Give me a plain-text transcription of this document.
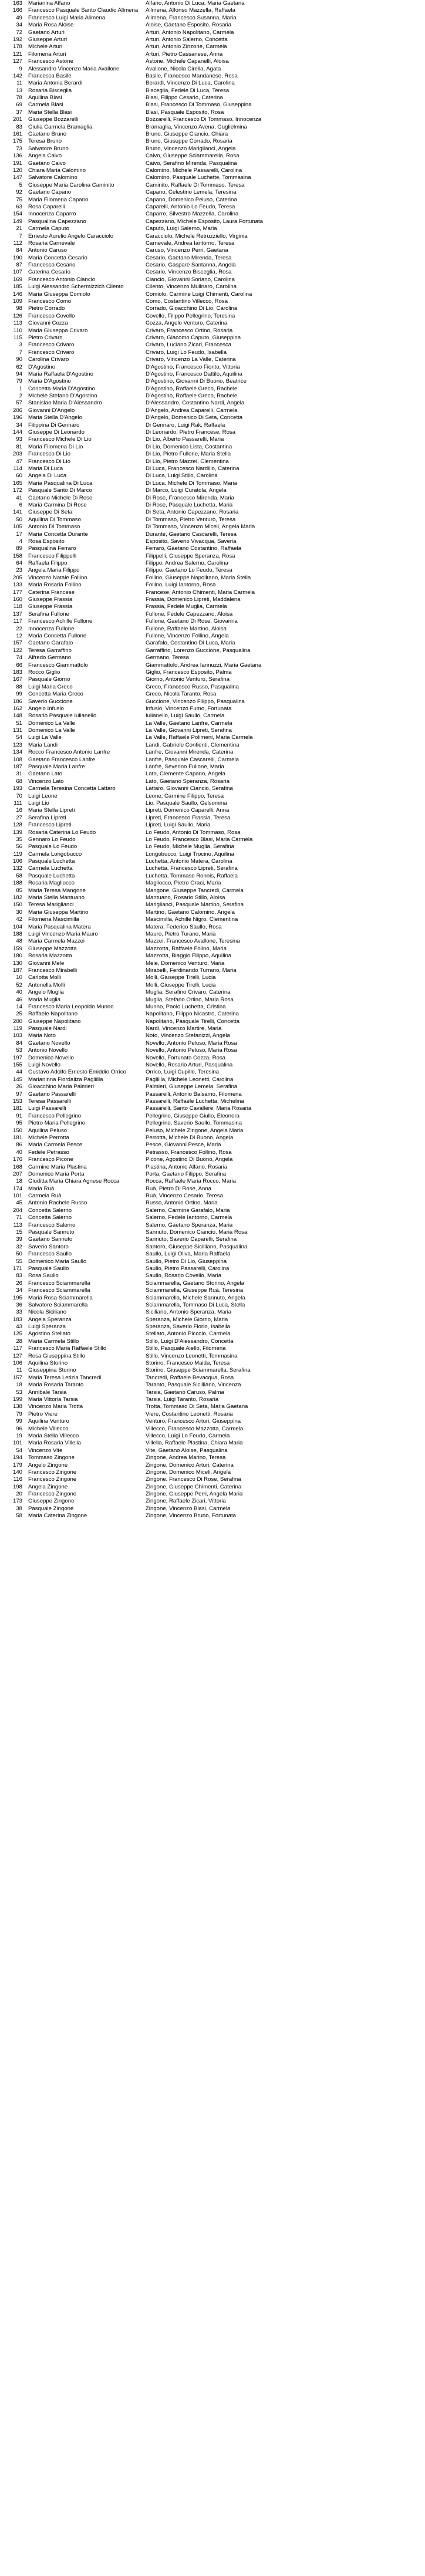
163 Marianina Alfano	Alfano, Antonio Di Luca, Maria Gaetana
166 Francesco Pasquale Santo Claudio Allmena	Allmena, Alfonso Mazzella, Raffaela
49 Francesco Luigi Maria Alimena	Alimena, Francesco Susanna, Maria
34 Maria Rosa Aloise	Aloise, Gaetano Esposito, Rosaria
72 Gaetano Arturi	Arturi, Antonio Napolitano, Carmela
192 Giuseppe Arturi	Arturi, Antonio Salerno, Concetta
178 Michele Arturi	Arturi, Antonio Zinzone, Carmela
121 Filomena Arturi	Arturi, Pietro Cassanese, Anna
127 Francesco Astone	Astone, Michele Capanelli, Aloisa
9 Alessandro Vincenzo Maria Avallone	Avallone, Nicola Cirella, Agata
142 Francesca Basile	Basile, Francesco Mandanese, Rosa
11 Maria Antonia Berardi	Berardi, Vincenzo Di Luca, Carolina
13 Rosaria Bisceglia	Bisceglia, Fedele Di Luca, Teresa
78 Aquilina Blasi	Blasi, Filippo Cesario, Caterina
69 Carmela Blasi	Blasi, Francesco Di Tommaso, Giuseppina
37 Maria Stella Blasi	Blasi, Pasquale Esposito, Rosa
201 Giuseppe Bozzarelli	Bozzarelli, Francesco Di Tommaso, Innocenza
83 Giulia Carmela Bramaglia	Bramaglia, Vincenzo Avena, Guglielmina
161 Gaetano Bruno	Bruno, Giuseppe Ciancio, Chiara
175 Teresa Bruno	Bruno, Giuseppe Corrado, Rosaria
73 Salvatore Bruno	Bruno, Vincenzo Mariglianci, Angela
136 Angela Caivo	Caivo, Giuseppe Sciammarella, Rosa
191 Gaetano Caivo	Caivo, Serafino Mirenda, Pasqualina
120 Chiara Maria Calomino	Calomino, Michele Passarelli, Carolina
147 Salvatore Calomino	Calomino, Pasquale Luchette, Tommasina
5 Giuseppe Maria Carolina Caminito	Caminito, Raffaele Di Tommaso, Teresa
92 Gaetano Capano	Capano, Celestino Lemela, Teresina
75 Maria Filomena Capano	Capano, Domenico Peluso, Caterina
63 Rosa Caparelli	Caparelli, Antonio Lo Feudo, Teresa
154 Innocenza Caparro	Caparro, Silvestro Mazzella, Carolina
149 Pasqualina Capezzano	Capezzano, Michele Esposito, Laura Fortunata
21 Carmela Caputo	Caputo, Luigi Salerno, Maria
7 Ernesto Aurelio Angelo Caracciolo	Caracciolo, Michele Retruzziello, Virginia
112 Rosaria Carnevale	Carnevale, Andrea Iantorno, Teresa
84 Antonio Caruso	Caruso, Vincenzo Perri, Gaetana
190 Maria Concetta Cesario	Cesario, Gaetano Mirenda, Teresa
87 Francesco Cesario	Cesario, Gaspare Santanna, Angela
107 Caterina Cesario	Cesario, Vincenzo Bisceglia, Rosa
169 Francesco Antonio Ciancio	Ciancio, Giovanni Soriano, Carolina
185 Luigi Alessandro Schermizzich Cilento	Cilento, Vincenzo Mullnaro, Carolina
146 Maria Giuseppa Comiolo	Comiolo, Carmine Luigi Chimenti, Carolina
109 Francesco Como	Como, Costantino Villecco, Rosa
98 Pietro Corrado	Corrado, Gioacchino Di Lio, Carolina
126 Francesco Covello	Covello, Filippo Pellegrino, Teresina
113 Giovanni Cozza	Cozza, Angelo Venturo, Caterina
110 Maria Giuseppa Crivaro	Crivaro, Francesco Ortino, Rosaria
115 Pietro Crivaro	Crivaro, Giacomo Caputo, Giuseppina
3 Francesco Crivaro	Crivaro, Luciano Zicari, Francesca
7 Francesco Crivaro	Crivaro, Luigi Lo Feudo, Isabella
90 Carolina Crivaro	Crivaro, Vincenzo La Valle, Caterina
62 D'Agostino	D'Agostino, Francesco Fiorito, Vittoria
94 Maria Raffaela D'Agostino	D'Agostino, Francesco Dattilo, Aquilina
79 Maria D'Agostino	D'Agostino, Giovanni Di Buono, Beatrice
1 Concetta Maria D'Agostino	D'Agostino, Raffaele Greco, Rachele
2 Michele Stefano D'Agostino	D'Agostino, Raffaele Greco, Rachele
57 Stanislao Maria D'Alessandro	D'Alessandro, Costantino Nardi, Angela
206 Giovanni D'Angelo	D'Angelo, Andrea Caparelli, Carmela
196 Maria Stella D'Angelo	D'Angelo, Domenico Di Seta, Concetta
34 Filippina Di Gennaro	Di Gennaro, Luigi Rak, Raffaela
144 Giuseppe Di Leonardo	Di Leonardo, Pietro Francese, Rosa
93 Francesco Michele Di Lio	Di Lio, Alberto Passarelli, Maria
81 Maria Filomena Di Lio	Di Lio, Domenico Lista, Costantina
203 Francesco Di Lio	Di Lio, Pietro Fullone, Maria Stella
47 Francesco Di Lio	Di Lio, Pietro Mazzei, Clementina
114 Maria Di Luca	Di Luca, Francesco Nardillo, Caterina
60 Angela Di Luca	Di Luca, Luigi Stillo, Carolina
165 Maria Pasqualina Di Luca	Di Luca, Michele Di Tommaso, Maria
172 Pasquale Santo Di Marco	Di Marco, Luigi Curatola, Angela
41 Gaetano Michele Di Rose	Di Rose, Francesco Mirenda, Maria
6 Maria Carmina Di Rose	Di Rose, Pasquale Luchetta, Maria
141 Giuseppe Di Seta	Di Seta, Antonio Capezzano, Rosaria
50 Aquilina Di Tommaso	Di Tommaso, Pietro Venturo, Teresa
105 Antonio Di Tommaso	Di Tommaso, Vincenzo Miceli, Angela Maria
17 Maria Concetta Durante	Durante, Gaetano Cascarelli, Teresa
4 Rosa Esposito	Esposito, Saverio Vivacqua, Saveria
89 Pasqualina Ferraro	Ferraro, Gaetano Costantino, Raffaela
158 Francesco Filippelli	Filippelli, Giuseppe Speranza, Rosa
64 Raffaela Filippo	Filippo, Andrea Salerno, Carolina
23 Angela Maria Filippo	Filippo, Gaetano Lo Feudo, Teresa
205 Vincenzo Natale Follino	Follino, Giuseppe Napolitano, Maria Stella
133 Maria Rosaria Follino	Follino, Luigi Iantorno, Rosa
177 Caterina Francese	Francese, Antonio Chimenti, Maria Carmela
160 Giuseppe Frassia	Frassia, Domenico Lipreti, Maddalena
118 Giuseppe Frassia	Frassia, Fedele Muglia, Carmela
137 Serafina Fullone	Fullone, Fedele Capezzano, Aloisa
117 Francesco Achille Fullone	Fullone, Gaetano Di Rose, Giovanna
22 Innocenza Fullone	Fullone, Raffaele Martino, Aloisa
12 Maria Concetta Fullone	Fullone, Vincenzo Follino, Angela
157 Gaetano Garafalo	Garafalo, Costantino Di Luca, Maria
122 Teresa Garraffino	Garraffino, Lorenzo Guccione, Pasqualina
74 Alfredo Germano	Germano, Teresa
66 Francesco Giammattolo	Giammattolo, Andrea Iannuzzi, Maria Gaetana
183 Rocco Giglio	Giglio, Francesco Esposito, Palma
167 Pasquale Giorno	Giorno, Antonio Venturo, Serafina
88 Luigi Maria Greco	Greco, Francesco Russo, Pasqualina
99 Concetta Maria Greco	Greco, Nicola Taranto, Rosa
186 Saverio Guccione	Guccione, Vincenzo Filippo, Pasqualina
162 Angelo Infusio	Infusio, Vincenzo Fumo, Fortunata
148 Rosario Pasquale Iulianello	Iulianello, Luigi Saullo, Carmela
51 Domenico La Valle	La Valle, Gaetano Lanfre, Carmela
131 Domenico La Valle	La Valle, Giovanni Lipreti, Serafina
54 Luigi La Valle	La Valle, Raffaele Polimeni, Maria Carmela
123 Maria Landi	Landi, Gabriele Confienti, Clementina
134 Rocco Francesco Antonio Lanfre	Lanfre, Giovanni Mirenda, Caterina
108 Gaetano Francesco Lanfre	Lanfre, Pasquale Cascarelli, Carmela
187 Pasquale Maria Lanfre	Lanfre, Severino Fullone, Maria
31 Gaetano Lato	Lato, Clemente Capano, Angela
68 Vincenzo Lato	Lato, Gaetano Speranza, Rosaria
193 Carmela Teresina Concetta Lattaro	Lattaro, Giovanni Ciancio, Serafina
70 Luigi Leone	Leone, Carmine Filippo, Teresa
111 Luigi Lio	Lio, Pasquale Saullo, Gelsomina
16 Maria Stella Lipreti	Lipreti, Domenico Caparelli, Anna
27 Serafina Lipreti	Lipreti, Francesco Frassia, Teresa
128 Francesco Lipreti	Lipreti, Luigi Saullo, Maria
139 Rosaria Caterina Lo Feudo	Lo Feudo, Antonio Di Tommaso, Rosa
35 Gennaro Lo Feudo	Lo Feudo, Francesco Blasi, Maria Carmela
56 Pasquale Lo Feudo	Lo Feudo, Michele Muglia, Serafina
119 Carmela Longobucco	Longobucco, Luigi Trocino, Aquilina
106 Pasquale Luchetta	Luchetta, Antonio Matera, Carolina
132 Carmela Luchetta	Luchetta, Francesco Lipreti, Serafina
58 Pasquale Luchetta	Luchetta, Tommaso Ronnis, Raffaela
188 Rosaria Magliocco	Magliocco, Pietro Graci, Maria
85 Maria Teresa Mangone	Mangone, Giuseppe Tancredi, Carmela
182 Maria Stella Mantuano	Mantuano, Rosario Stillo, Aloisa
150 Teresa Mariglianci	Mariglianci, Pasquale Martino, Serafina
30 Maria Giuseppa Martino	Martino, Gaetano Calomino, Angela
42 Filomena Mascimilla	Mascimilla, Achille Nigro, Clementina
104 Maria Pasqualina Matera	Matera, Federico Saullo, Rosa
188 Luigi Vincenzo Maria Mauro	Mauro, Pietro Turano, Maria
48 Maria Carmela Mazzei	Mazzei, Francesco Avallone, Teresina
159 Giuseppe Mazzotta	Mazzotta, Raffaele Folino, Maria
180 Rosaria Mazzotta	Mazzotta, Biaggio Filippo, Aquilina
130 Giovanni Mele	Mele, Domenico Venturo, Maria
187 Francesco Mirabelli	Mirabelli, Ferdinando Turrano, Maria
10 Carlotta Molli	Molli, Giuseppe Tirelli, Lucia
52 Antonella Molli	Molli, Giuseppe Tirelli, Lucia
40 Angelo Muglia	Muglia, Serafino Crivaro, Caterina
46 Maria Muglia	Muglia, Stefano Ortino, Maria Rosa
14 Francesco Maria Leopoldo Munno	Munno, Paolo Luchetta, Cristina
25 Raffaele Napolitano	Napolitano, Filippo Nicastro, Caterina
200 Giuseppe Napolitano	Napolitano, Pasquale Tirelli, Concetta
119 Pasquale Nardi	Nardi, Vincenzo Martire, Maria
103 Maria Noto	Noto, Vincenzo Stefanizzi, Angela
84 Gaetano Novello	Novello, Antonio Peluso, Maria Rosa
53 Antonio Novello	Novello, Antonio Peluso, Maria Rosa
197 Domenico Novello	Novello, Fortunato Cozza, Rosa
155 Luigi Novello	Novello, Rosario Arturi, Pasqualina
44 Gustavo Adolfo Ernesto Emiddio Orrico	Orrico, Luigi Cupillo, Teresina
145 Marianinna Fiordaliza Pagliilla	Pagliilla, Michele Leonetti, Carolina
26 Gioacchino Maria Palmieri	Palmieri, Giuseppe Lemela, Serafina
97 Gaetano Passarelli	Passarelli, Antonio Balsamo, Filomena
153 Teresa Passarelli	Passarelli, Raffaele Luchetta, Michelina
181 Luigi Passarelli	Passarelli, Santo Cavallere, Maria Rosaria
91 Francesco Pellegrino	Pellegrino, Giuseppe Giulio, Eleonora
95 Pietro Maria Pellegrino	Pellegrino, Saverio Saullo, Tommasina
150 Aquilina Peluso	Peluso, Michele Zingone, Angela Maria
181 Michele Perrotta	Perrotta, Michele Di Buono, Angela
86 Maria Carmela Pesce	Pesce, Giovanni Pesce, Maria
40 Fedele Petrasso	Petrasso, Francesco Follino, Rosa
176 Francesco Picone	Picone, Agostino Di Buono, Angela
168 Carmine Maria Plastina	Plastina, Antonio Alfano, Rosaria
207 Domenico Maria Porta	Porta, Gaetano Filippo, Serafina
18 Giuditta Maria Chiara Agnese Rocca	Rocca, Raffaele Maria Rocco, Maria
174 Maria Ruà	Ruà, Pietro Di Rose, Anna
101 Carmela Ruà	Ruà, Vincenzo Cesario, Teresa
45 Antonio Rachele Russo	Russo, Antonio Ortino, Maria
204 Concetta Salerno	Salerno, Carmine Garafalo, Maria
71 Concetta Salerno	Salerno, Fedele Iantorno, Carmela
113 Francesco Salerno	Salerno, Gaetano Speranza, Maria
15 Pasquale Sannuto	Sannuto, Domenico Ciancio, Maria Rosa
39 Gaetano Sannuto	Sannuto, Saverio Caparelli, Serafina
32 Saverio Santoro	Santoro, Giuseppe Sicilliano, Pasqualina
50 Francesco Saullo	Saullo, Luigi Oliva, Maria Raffaela
55 Domenico Maria Saullo	Saullo, Pietro Di Lio, Giuseppina
171 Pasquale Saullo	Saullo, Pietro Passarelli, Carolina
83 Rosa Saullo	Saullo, Rosario Covello, Maria
26 Francesco Sciammarella	Sciammarella, Gaetano Storino, Angela
34 Francesco Sciammarella	Sciammarella, Giuseppe Ruà, Teresina
195 Maria Rosa Sciammarella	Sciammarella, Michele Sannuto, Angela
36 Salvatore Sciammarella	Sciammarella, Tommaso Di Luca, Stella
33 Nicola Siciliano	Siciliano, Antonio Speranza, Maria
183 Angela Speranza	Speranza, Michele Giorno, Maria
43 Luigi Speranza	Speranza, Saverio Florio, Isabella
125 Agostino Stellato	Stellato, Antonio Piccolo, Carmela
28 Maria Carmela Stillo	Stillo, Luigi D'Alessandro, Concetta
117 Francesco Maria Raffaele Stillo	Stillo, Pasquale Aiello, Filomena
127 Rosa Giuseppina Stillo	Stillo, Vincenzo Leonetti, Tommasina
106 Aquilina Storino	Storino, Francesco Maida, Teresa
11 Giuseppina Storino	Storino, Giuseppe Sciammarella, Serafina
157 Maria Teresa Letizia Tancredi	Tancredi, Raffaele Bevacqua, Rosa
18 Maria Rosaria Taranto	Taranto, Pasquale Sicilliano, Vincenza
53 Annibale Tarsia	Tarsia, Gaetano Caruso, Palma
199 Maria Vittoria Tarsia	Tarsia, Luigi Taranto, Rosaria
138 Vincenzo Maria Trotta	Trotta, Tommaso Di Seta, Maria Gaetana
79 Pietro Viere	Viere, Costantino Leonetti, Rosaria
99 Aquilina Venturo	Venturo, Francesco Arturi, Giuseppina
96 Michele Villecco	Villecco, Francesco Mazzotta, Carmela
19 Maria Stella Villecco	Villecco, Luigi Lo Feudo, Carmela
101 Maria Rosaria Villella	Villella, Raffaele Plastina, Chiara Maria
54 Vincenzo Vite	Vite, Gaetano Aloise, Pasqualina
194 Tommaso Zingone	Zingone, Andrea Marino, Teresa
179 Angelo Zingone	Zingone, Domenico Arturi, Caterina
140 Francesco Zingone	Zingone, Domenico Miceli, Angela
116 Francesco Zingone	Zingone, Francesco Di Rose, Serafina
198 Angela Zingone	Zingone, Giuseppe Chimenti, Caterina
20 Francesco Zingone	Zingone, Giuseppe Perri, Angela Maria
173 Giuseppe Zingone	Zingone, Raffaele Zicari, Vittoria
38 Pasquale Zingone	Zingone, Vincenzo Blasi, Carmela
58 Maria Caterina Zingone	Zingone, Vincenzo Bruno, Fortunata
